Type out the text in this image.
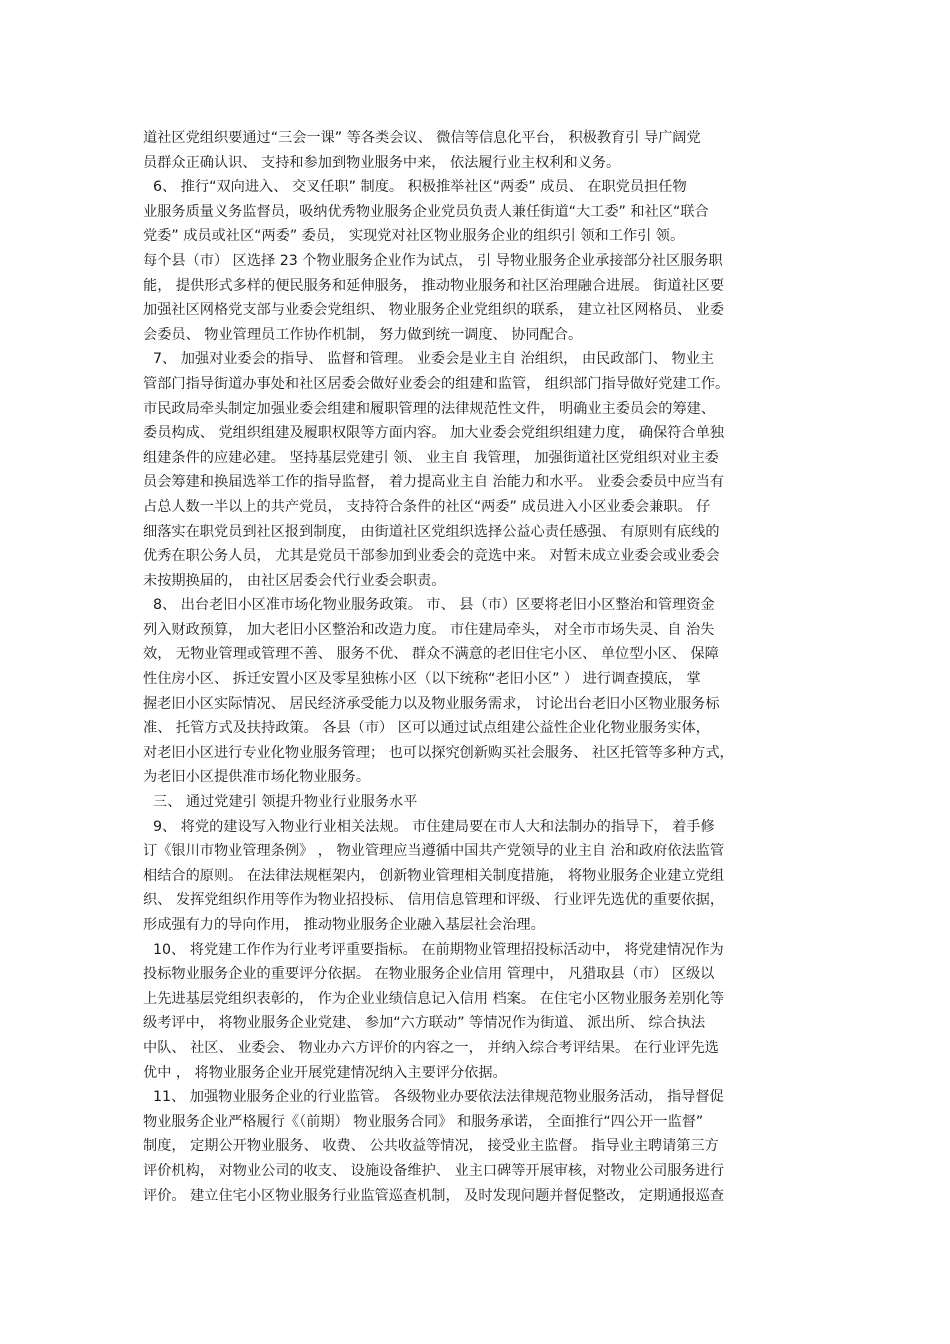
道社区党组织要通过“三会一课” 等各类会议、 微信等信息化平台， 积极教育引 导广阔党
员群众正确认识、 支持和参加到物业服务中来， 依法履行业主权利和义务。
6、 推行“双向进入、 交叉任职” 制度。 积极推举社区“两委” 成员、 在职党员担任物
业服务质量义务监督员，吸纳优秀物业服务企业党员负责人兼任街道“大工委” 和社区“联合
党委” 成员或社区“两委” 委员， 实现党对社区物业服务企业的组织引 领和工作引 领。
每个县（市） 区选择 23 个物业服务企业作为试点， 引 导物业服务企业承接部分社区服务职
能， 提供形式多样的便民服务和延伸服务， 推动物业服务和社区治理融合进展。 街道社区要
加强社区网格党支部与业委会党组织、 物业服务企业党组织的联系， 建立社区网格员、 业委
会委员、 物业管理员工作协作机制， 努力做到统一调度、 协同配合。
7、 加强对业委会的指导、 监督和管理。 业委会是业主自 治组织， 由民政部门、 物业主
管部门指导街道办事处和社区居委会做好业委会的组建和监管， 组织部门指导做好党建工作。
市民政局牵头制定加强业委会组建和履职管理的法律规范性文件， 明确业主委员会的筹建、
委员构成、 党组织组建及履职权限等方面内容。 加大业委会党组织组建力度， 确保符合单独
组建条件的应建必建。 坚持基层党建引 领、 业主自 我管理， 加强街道社区党组织对业主委
员会筹建和换届选举工作的指导监督， 着力提高业主自 治能力和水平。 业委会委员中应当有
占总人数一半以上的共产党员， 支持符合条件的社区“两委” 成员进入小区业委会兼职。 仔
细落实在职党员到社区报到制度， 由街道社区党组织选择公益心责任感强、 有原则有底线的
优秀在职公务人员， 尤其是党员干部参加到业委会的竞选中来。 对暂未成立业委会或业委会
未按期换届的， 由社区居委会代行业委会职责。
8、 出台老旧小区准市场化物业服务政策。 市、 县（市）区要将老旧小区整治和管理资金
列入财政预算， 加大老旧小区整治和改造力度。 市住建局牵头， 对全市市场失灵、自 治失
效， 无物业管理或管理不善、 服务不优、 群众不满意的老旧住宅小区、 单位型小区、 保障
性住房小区、 拆迁安置小区及零星独栋小区（以下统称“老旧小区” ） 进行调查摸底， 掌
握老旧小区实际情况、 居民经济承受能力以及物业服务需求， 讨论出台老旧小区物业服务标
准、 托管方式及扶持政策。 各县（市） 区可以通过试点组建公益性企业化物业服务实体，
对老旧小区进行专业化物业服务管理； 也可以探究创新购买社会服务、 社区托管等多种方式，
为老旧小区提供准市场化物业服务。
三、 通过党建引 领提升物业行业服务水平
9、 将党的建设写入物业行业相关法规。 市住建局要在市人大和法制办的指导下， 着手修
订《银川市物业管理条例》 ， 物业管理应当遵循中国共产党领导的业主自 治和政府依法监管
相结合的原则。 在法律法规框架内， 创新物业管理相关制度措施， 将物业服务企业建立党组
织、 发挥党组织作用等作为物业招投标、 信用信息管理和评级、 行业评先选优的重要依据，
形成强有力的导向作用， 推动物业服务企业融入基层社会治理。
10、 将党建工作作为行业考评重要指标。 在前期物业管理招投标活动中， 将党建情况作为
投标物业服务企业的重要评分依据。 在物业服务企业信用 管理中， 凡猎取县（市） 区级以
上先进基层党组织表彰的， 作为企业业绩信息记入信用 档案。 在住宅小区物业服务差别化等
级考评中， 将物业服务企业党建、 参加“六方联动” 等情况作为街道、 派出所、 综合执法
中队、 社区、 业委会、 物业办六方评价的内容之一， 并纳入综合考评结果。 在行业评先选
优中 ， 将物业服务企业开展党建情况纳入主要评分依据。
11、 加强物业服务企业的行业监管。 各级物业办要依法法律规范物业服务活动， 指导督促
物业服务企业严格履行《（前期） 物业服务合同》 和服务承诺， 全面推行“四公开一监督”
制度， 定期公开物业服务、 收费、 公共收益等情况， 接受业主监督。 指导业主聘请第三方
评价机构， 对物业公司的收支、 设施设备维护、 业主口碑等开展审核，对物业公司服务进行
评价。 建立住宅小区物业服务行业监管巡查机制， 及时发现问题并督促整改， 定期通报巡查
